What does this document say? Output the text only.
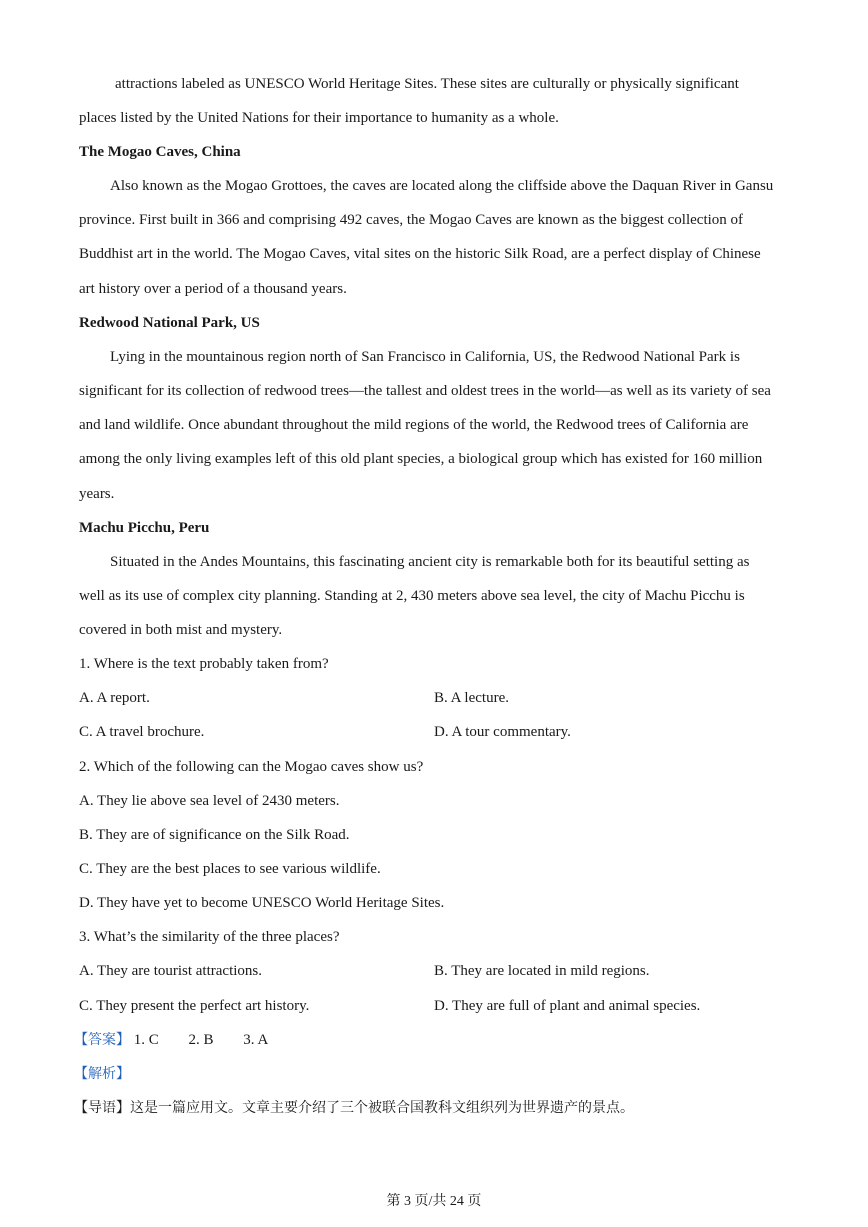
attractions labeled as UNESCO World Heritage Sites. These sites are culturally or physically significant
places listed by the United Nations for their importance to humanity as a whole.
The Mogao Caves, China
Also known as the Mogao Grottoes, the caves are located along the cliffside above the Daquan River in Gansu
province. First built in 366 and comprising 492 caves, the Mogao Caves are known as the biggest collection of
Buddhist art in the world. The Mogao Caves, vital sites on the historic Silk Road, are a perfect display of Chinese
art history over a period of a thousand years.
Redwood National Park, US
Lying in the mountainous region north of San Francisco in California, US, the Redwood National Park is
significant for its collection of redwood trees—the tallest and oldest trees in the world—as well as its variety of sea
and land wildlife. Once abundant throughout the mild regions of the world, the Redwood trees of California are
among the only living examples left of this old plant species, a biological group which has existed for 160 million
years.
Machu Picchu, Peru
Situated in the Andes Mountains, this fascinating ancient city is remarkable both for its beautiful setting as
well as its use of complex city planning. Standing at 2, 430 meters above sea level, the city of Machu Picchu is
covered in both mist and mystery.
1. Where is the text probably taken from?
A. A report.	B. A lecture.
C. A travel brochure.	D. A tour commentary.
2. Which of the following can the Mogao caves show us?
A. They lie above sea level of 2430 meters.
B. They are of significance on the Silk Road.
C. They are the best places to see various wildlife.
D. They have yet to become UNESCO World Heritage Sites.
3. What’s the similarity of the three places?
A. They are tourist attractions.	B. They are located in mild regions.
C. They present the perfect art history.	D. They are full of plant and animal species.
【答案】 1. C 2. B 3. A
【解析】
【导语】这是一篇应用文。文章主要介绍了三个被联合国教科文组织列为世界遗产的景点。
第 3 页/共 24 页
